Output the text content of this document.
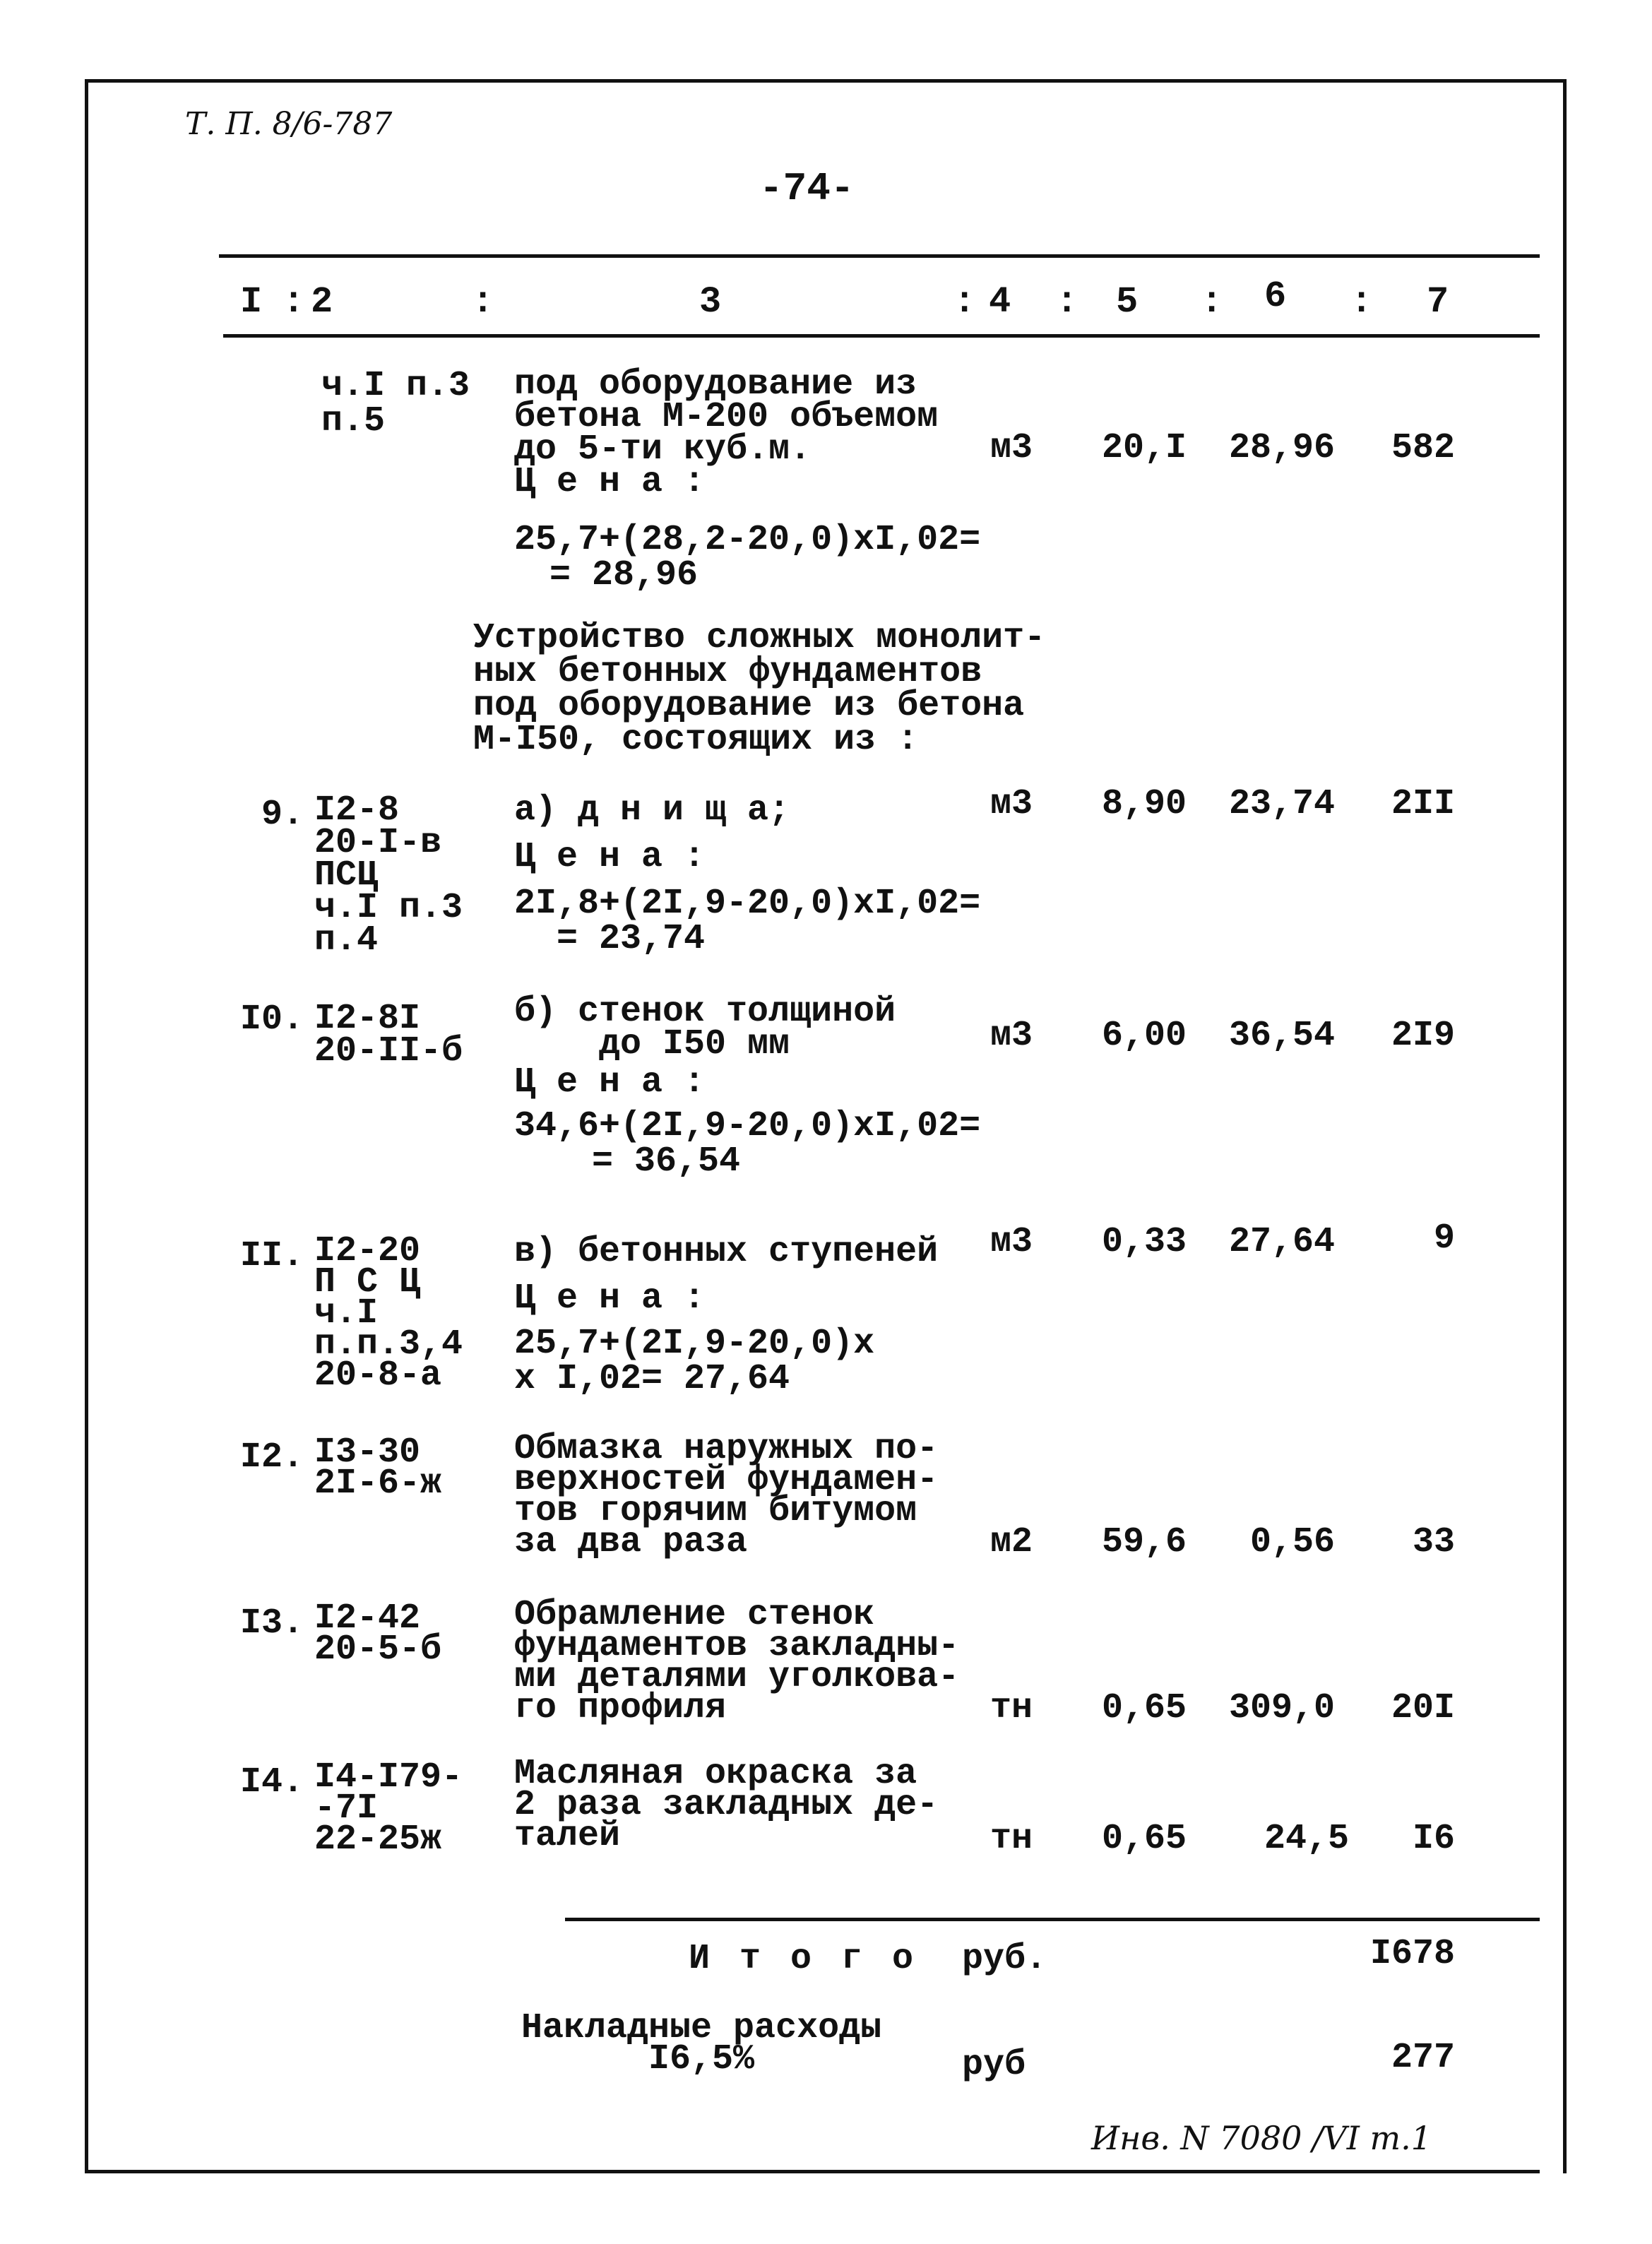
Т. П. 8/6-787
-74-
I : 2	:	3	: 4 : 5 : 6 : 7
ч.I п.3
п.5
под оборудование из
бетона М-200 объемом
до 5-ти куб.м.
Ц е н а :
25,7+(28,2-20,0)xI,02=
= 28,96
м3	20,I	28,96	582
Устройство сложных монолит-
ных бетонных фундаментов
под оборудование из бетона
М-I50, состоящих из :
9. I2-8
20-I-в
ПСЦ
ч.I п.3
п.4
а) д н и щ а;
Ц е н а :
2I,8+(2I,9-20,0)xI,02=
= 23,74
м3	8,90	23,74	2II
I0. I2-8I
20-II-б
б) стенок толщиной
до I50 мм
Ц е н а :
34,6+(2I,9-20,0)xI,02=
= 36,54
м3	6,00	36,54	2I9
II. I2-20
П С Ц
ч.I
п.п.3,4
20-8-а
в) бетонных ступеней
Ц е н а :
25,7+(2I,9-20,0)x
x I,02= 27,64
м3	0,33	27,64	9
I2. I3-30
2I-6-ж
Обмазка наружных по-
верхностей фундамен-
тов горячим битумом
за два раза	м2	59,6	0,56	33
I3. I2-42
20-5-б
Обрамление стенок
фундаментов закладны-
ми деталями уголкова-
го профиля	тн	0,65	309,0	20I
I4. I4-I79-
-7I
22-25ж
Масляная окраска за
2 раза закладных де-
талей	тн	0,65	24,5	I6
И т о г о руб.	I678
Накладные расходы
I6,5%	руб	277
Инв. N 7080 /VI т.1
